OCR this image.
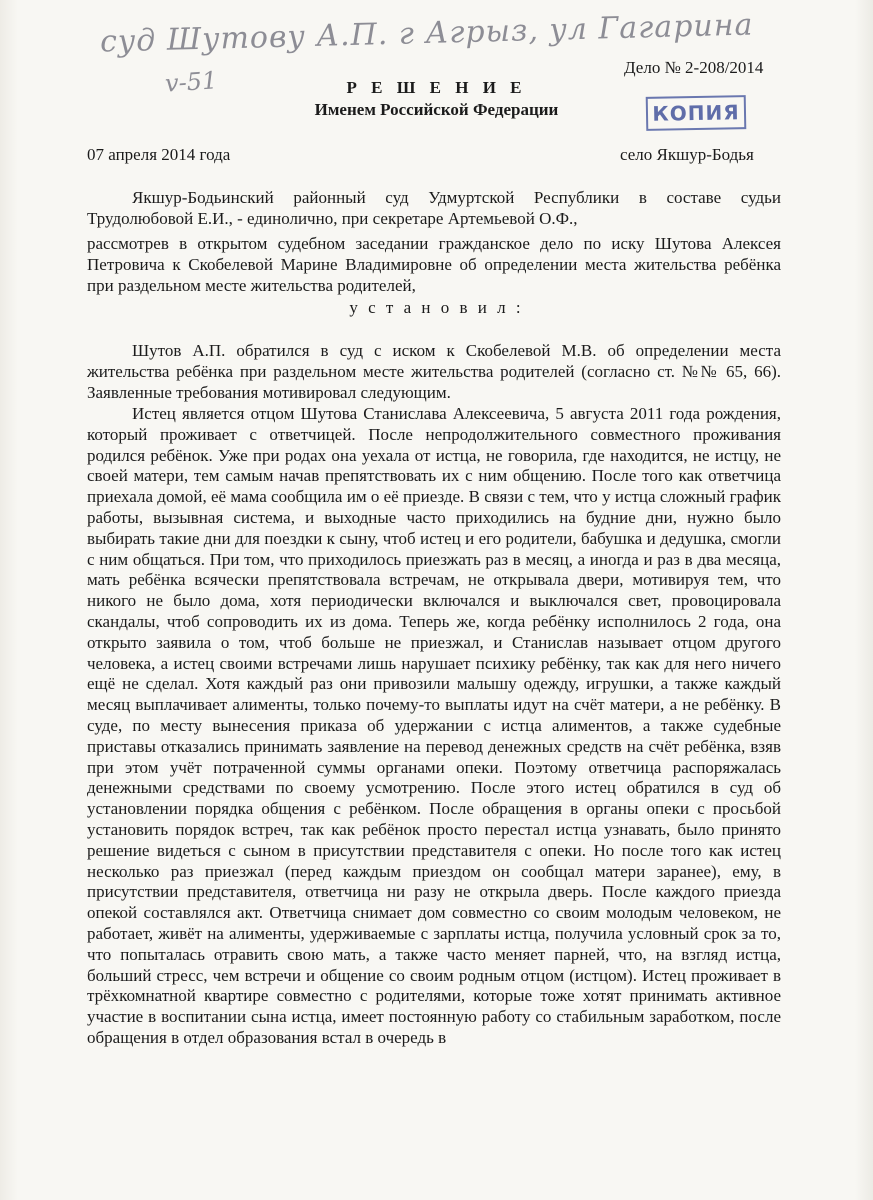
суд Шутову А.П. г Агрыз, ул Гагарина
v-51	Дело № 2-208/2014
Р Е Ш Е Н И Е
Именем Российской Федерации	КОПИЯ
07 апреля 2014 года	село Якшур-Бодья
Якшур-Бодьинский районный суд Удмуртской Республики в составе судьи Трудолюбовой Е.И., - единолично, при секретаре Артемьевой О.Ф.,
рассмотрев в открытом судебном заседании гражданское дело по иску Шутова Алексея Петровича к Скобелевой Марине Владимировне об определении места жительства ребёнка при раздельном месте жительства родителей,
у с т а н о в и л :
Шутов А.П. обратился в суд с иском к Скобелевой М.В. об определении места жительства ребёнка при раздельном месте жительства родителей (согласно ст. №№ 65, 66). Заявленные требования мотивировал следующим.
Истец является отцом Шутова Станислава Алексеевича, 5 августа 2011 года рождения, который проживает с ответчицей. После непродолжительного совместного проживания родился ребёнок. Уже при родах она уехала от истца, не говорила, где находится, не истцу, не своей матери, тем самым начав препятствовать их с ним общению. После того как ответчица приехала домой, её мама сообщила им о её приезде. В связи с тем, что у истца сложный график работы, вызывная система, и выходные часто приходились на будние дни, нужно было выбирать такие дни для поездки к сыну, чтоб истец и его родители, бабушка и дедушка, смогли с ним общаться. При том, что приходилось приезжать раз в месяц, а иногда и раз в два месяца, мать ребёнка всячески препятствовала встречам, не открывала двери, мотивируя тем, что никого не было дома, хотя периодически включался и выключался свет, провоцировала скандалы, чтоб сопроводить их из дома. Теперь же, когда ребёнку исполнилось 2 года, она открыто заявила о том, чтоб больше не приезжал, и Станислав называет отцом другого человека, а истец своими встречами лишь нарушает психику ребёнку, так как для него ничего ещё не сделал. Хотя каждый раз они привозили малышу одежду, игрушки, а также каждый месяц выплачивает алименты, только почему-то выплаты идут на счёт матери, а не ребёнку. В суде, по месту вынесения приказа об удержании с истца алиментов, а также судебные приставы отказались принимать заявление на перевод денежных средств на счёт ребёнка, взяв при этом учёт потраченной суммы органами опеки. Поэтому ответчица распоряжалась денежными средствами по своему усмотрению. После этого истец обратился в суд об установлении порядка общения с ребёнком. После обращения в органы опеки с просьбой установить порядок встреч, так как ребёнок просто перестал истца узнавать, было принято решение видеться с сыном в присутствии представителя с опеки. Но после того как истец несколько раз приезжал (перед каждым приездом он сообщал матери заранее), ему, в присутствии представителя, ответчица ни разу не открыла дверь. После каждого приезда опекой составлялся акт. Ответчица снимает дом совместно со своим молодым человеком, не работает, живёт на алименты, удерживаемые с зарплаты истца, получила условный срок за то, что попыталась отравить свою мать, а также часто меняет парней, что, на взгляд истца, больший стресс, чем встречи и общение со своим родным отцом (истцом). Истец проживает в трёхкомнатной квартире совместно с родителями, которые тоже хотят принимать активное участие в воспитании сына истца, имеет постоянную работу со стабильным заработком, после обращения в отдел образования встал в очередь в
